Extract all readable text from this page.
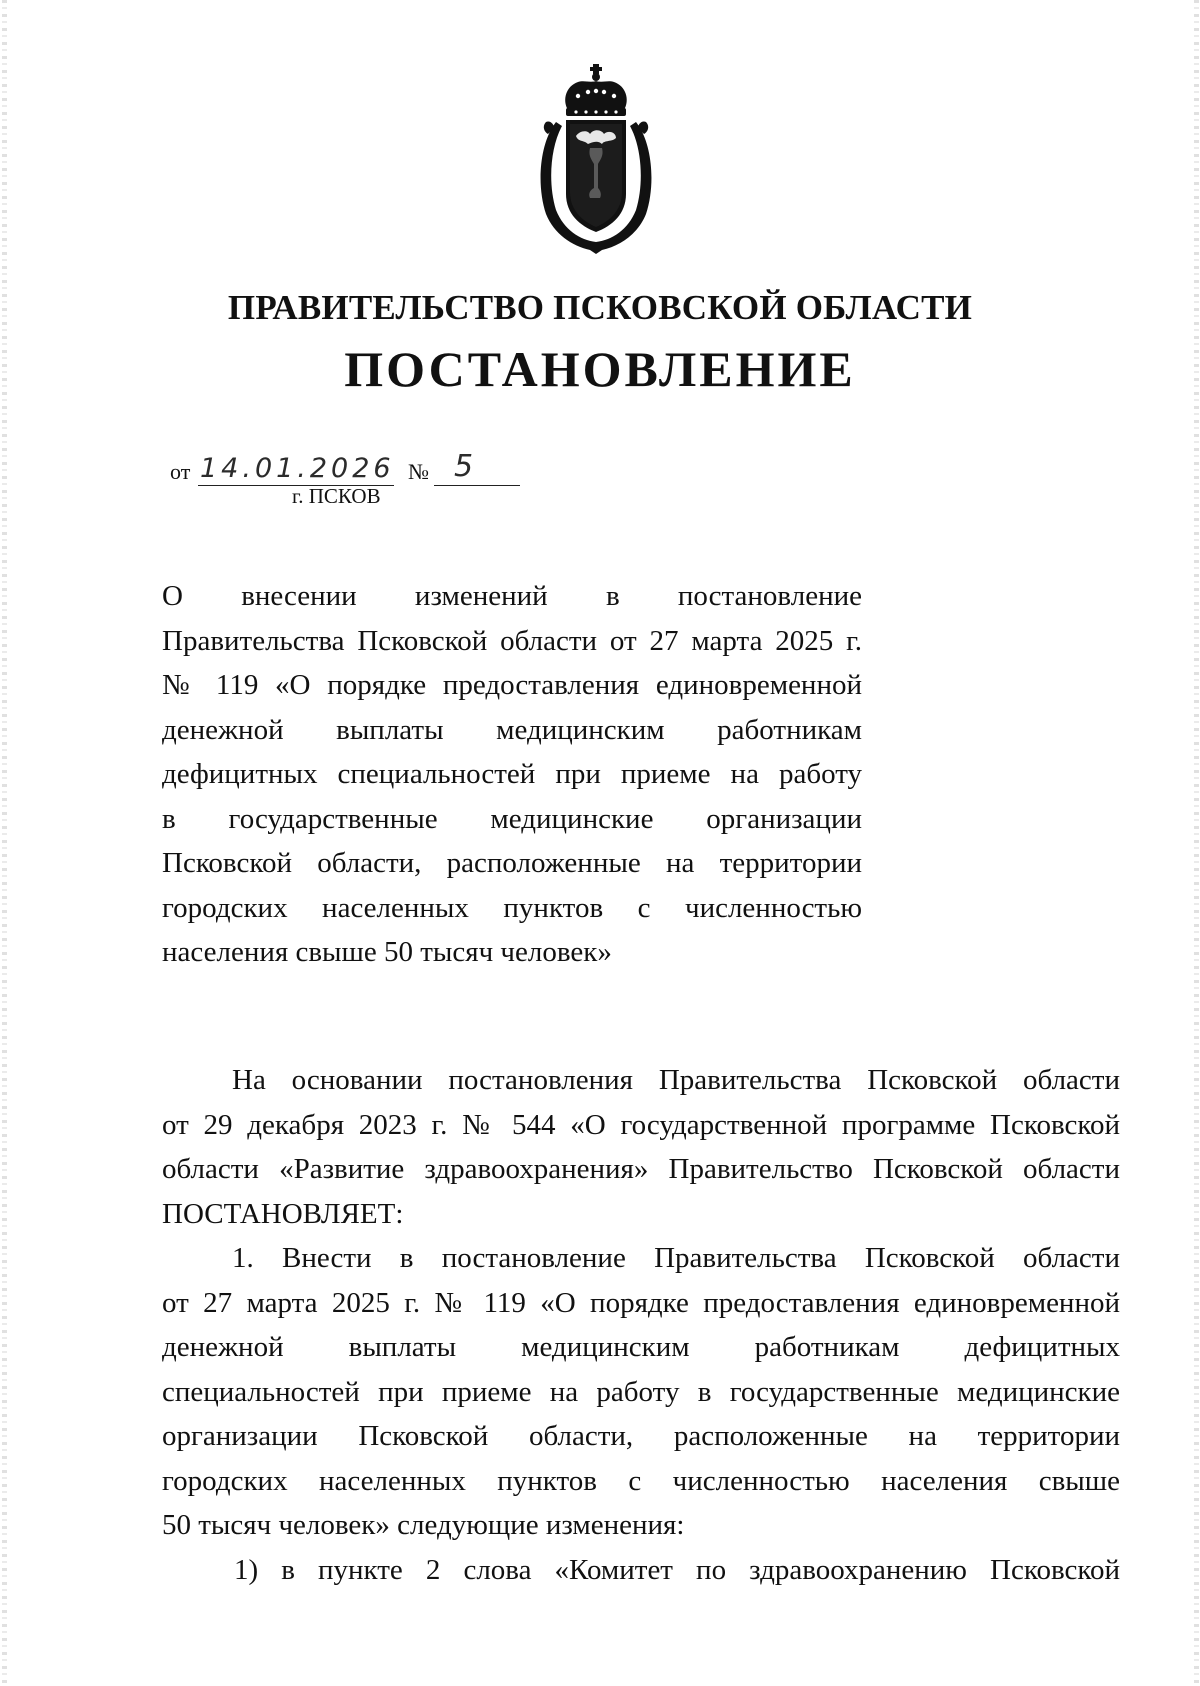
ПРАВИТЕЛЬСТВО ПСКОВСКОЙ ОБЛАСТИ
ПОСТАНОВЛЕНИЕ
от 14.01.2026 № 5
г. ПСКОВ
О внесении изменений в постановление
Правительства Псковской области от 27 марта 2025 г.
№ 119 «О порядке предоставления единовременной
денежной выплаты медицинским работникам
дефицитных специальностей при приеме на работу
в государственные медицинские организации
Псковской области, расположенные на территории
городских населенных пунктов с численностью
населения свыше 50 тысяч человек»
На основании постановления Правительства Псковской области
от 29 декабря 2023 г. № 544 «О государственной программе Псковской
области «Развитие здравоохранения» Правительство Псковской области
ПОСТАНОВЛЯЕТ:
1. Внести в постановление Правительства Псковской области
от 27 марта 2025 г. № 119 «О порядке предоставления единовременной
денежной выплаты медицинским работникам дефицитных
специальностей при приеме на работу в государственные медицинские
организации Псковской области, расположенные на территории
городских населенных пунктов с численностью населения свыше
50 тысяч человек» следующие изменения:
1) в пункте 2 слова «Комитет по здравоохранению Псковской
